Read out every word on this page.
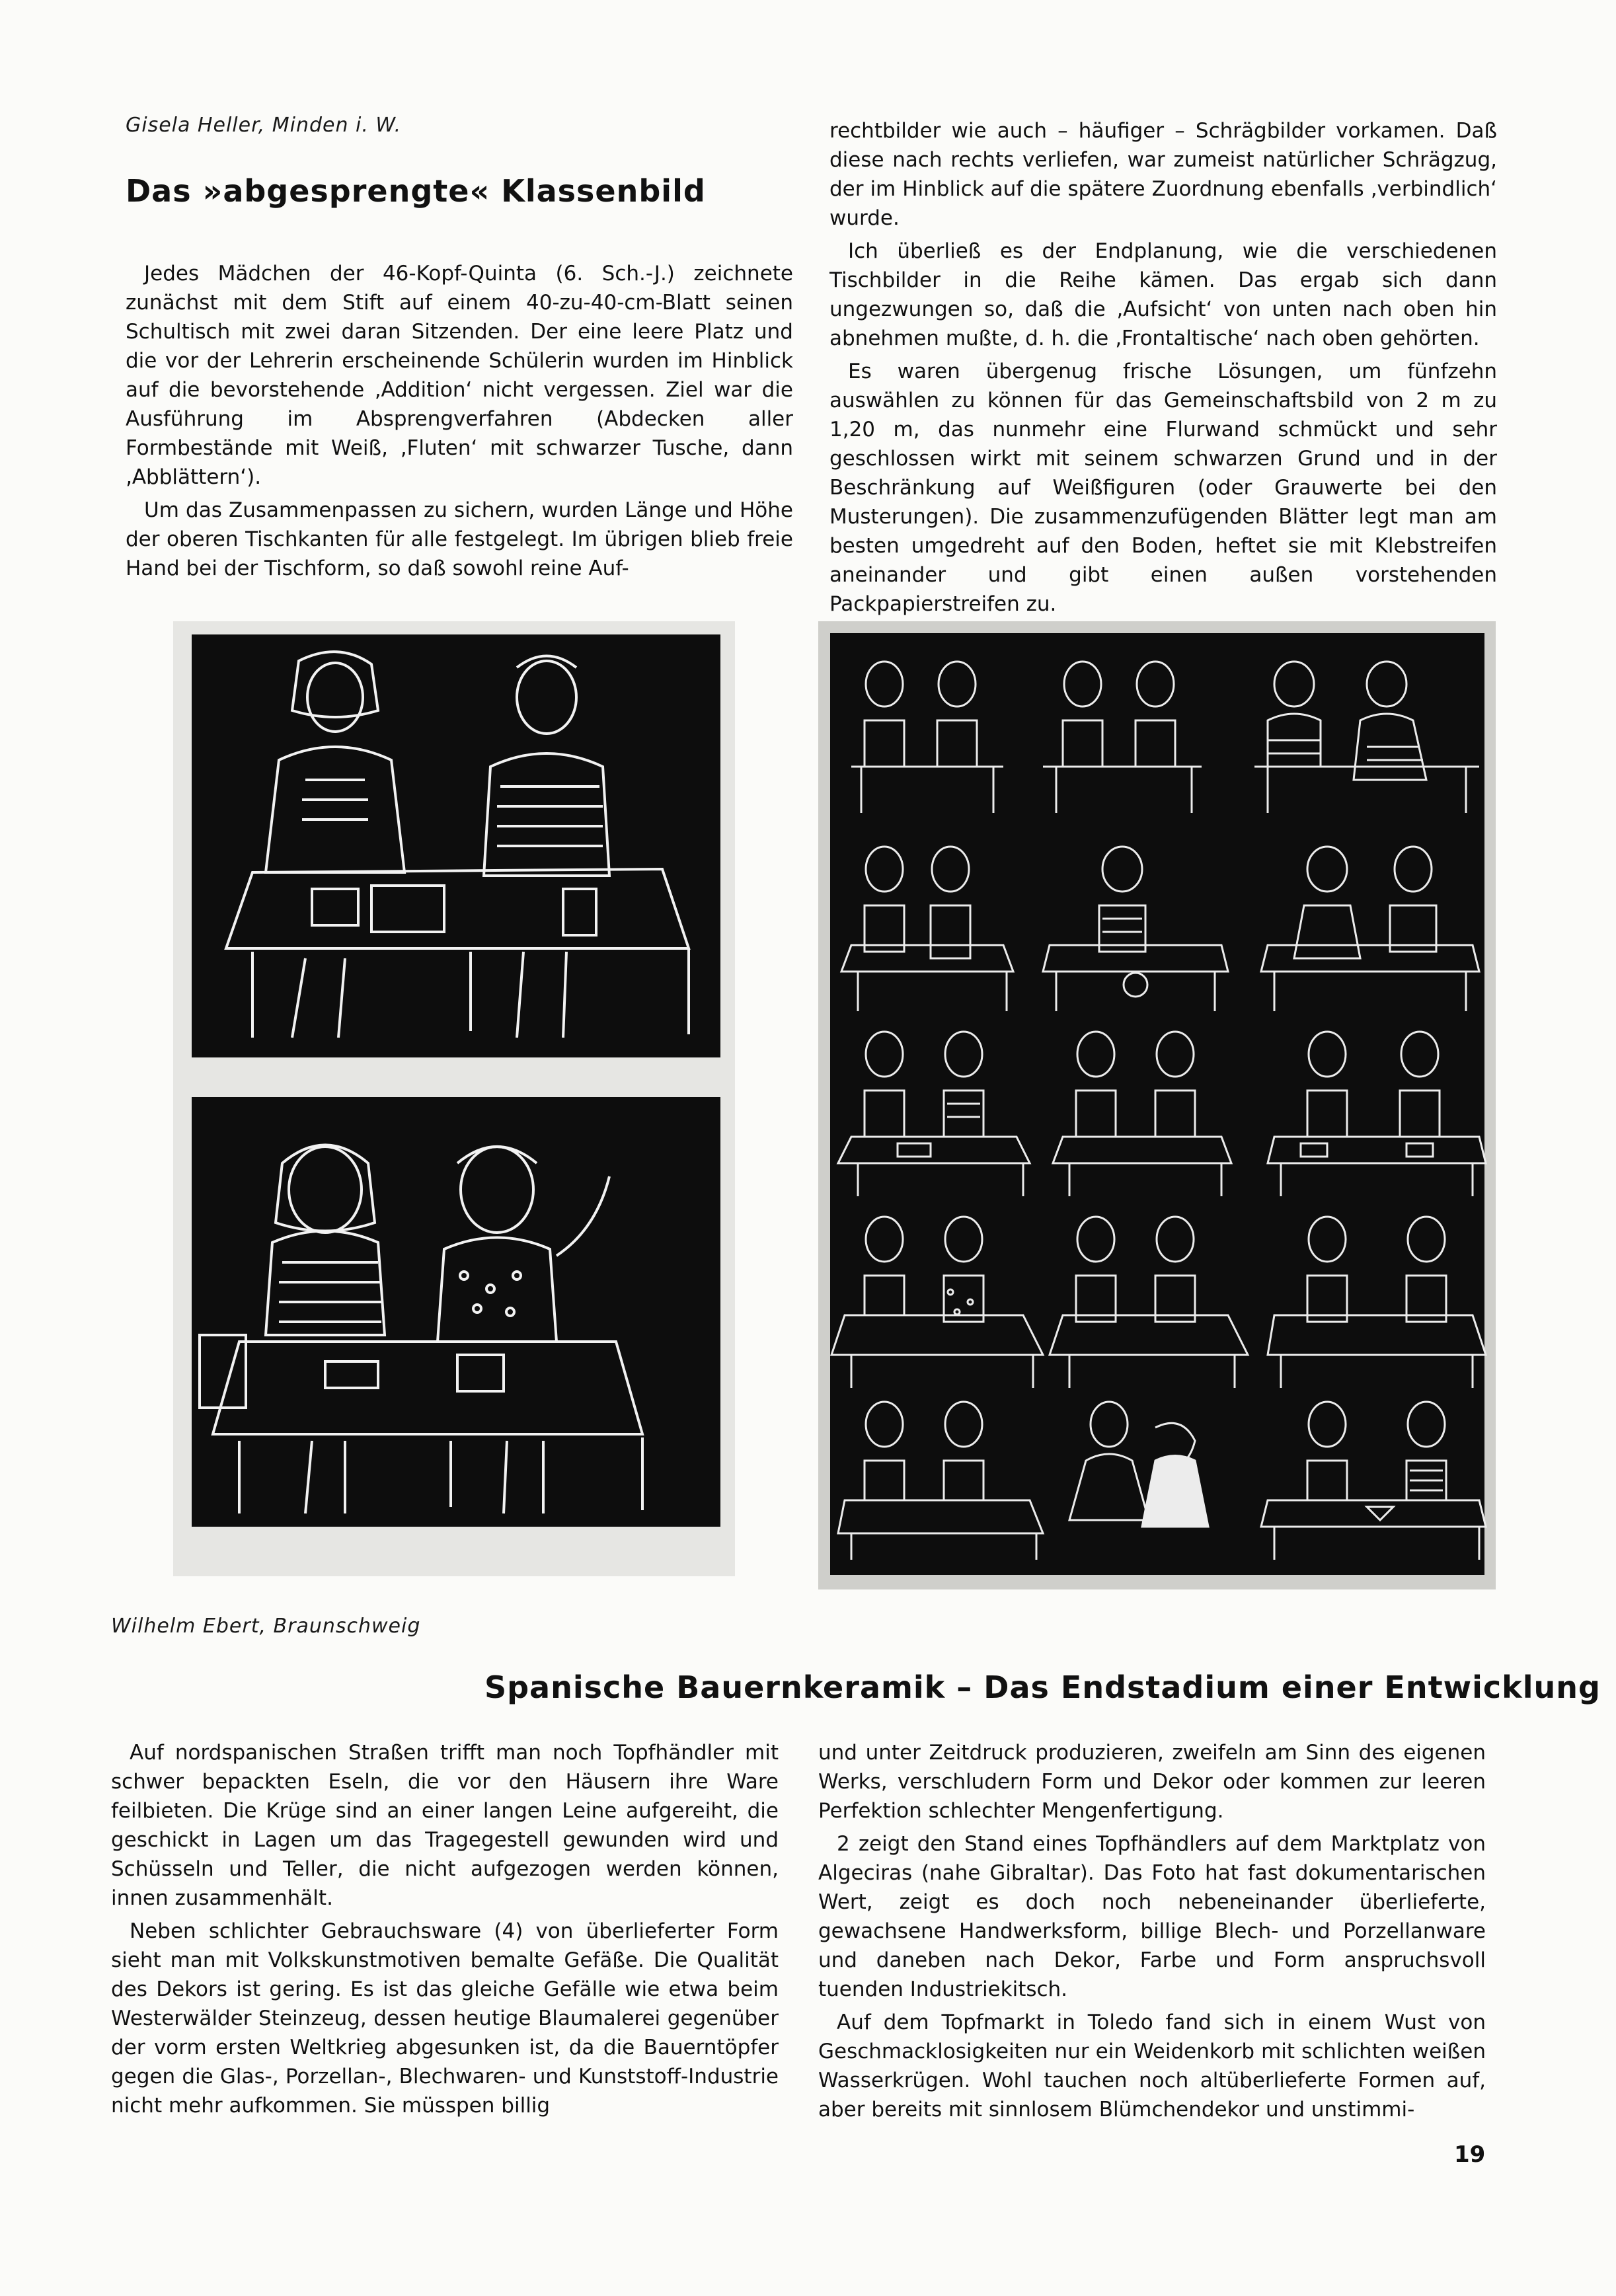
Gisela Heller, Minden i. W.
Das »abgesprengte« Klassenbild

Jedes Mädchen der 46-Kopf-Quinta (6. Sch.-J.) zeichnete zunächst mit dem Stift auf einem 40-zu-40-cm-Blatt seinen Schultisch mit zwei daran Sitzenden. Der eine leere Platz und die vor der Lehrerin erscheinende Schülerin wurden im Hinblick auf die bevorstehende ‚Addition‘ nicht vergessen. Ziel war die Ausführung im Absprengverfahren (Abdecken aller Formbestände mit Weiß, ‚Fluten‘ mit schwarzer Tusche, dann ‚Abblättern‘).

Um das Zusammenpassen zu sichern, wurden Länge und Höhe der oberen Tischkanten für alle festgelegt. Im übrigen blieb freie Hand bei der Tischform, so daß sowohl reine Auf-

rechtbilder wie auch – häufiger – Schrägbilder vorkamen. Daß diese nach rechts verliefen, war zumeist natürlicher Schrägzug, der im Hinblick auf die spätere Zuordnung ebenfalls ‚verbindlich‘ wurde.

Ich überließ es der Endplanung, wie die verschiedenen Tischbilder in die Reihe kämen. Das ergab sich dann ungezwungen so, daß die ‚Aufsicht‘ von unten nach oben hin abnehmen mußte, d. h. die ‚Frontaltische‘ nach oben gehörten.

Es waren übergenug frische Lösungen, um fünfzehn auswählen zu können für das Gemeinschaftsbild von 2 m zu 1,20 m, das nunmehr eine Flurwand schmückt und sehr geschlossen wirkt mit seinem schwarzen Grund und in der Beschränkung auf Weißfiguren (oder Grauwerte bei den Musterungen). Die zusammenzufügenden Blätter legt man am besten umgedreht auf den Boden, heftet sie mit Klebstreifen aneinander und gibt einen außen vorstehenden Packpapierstreifen zu.

Wilhelm Ebert, Braunschweig
Spanische Bauernkeramik – Das Endstadium einer Entwicklung

Auf nordspanischen Straßen trifft man noch Topfhändler mit schwer bepackten Eseln, die vor den Häusern ihre Ware feilbieten. Die Krüge sind an einer langen Leine aufgereiht, die geschickt in Lagen um das Tragegestell gewunden wird und Schüsseln und Teller, die nicht aufgezogen werden können, innen zusammenhält.

Neben schlichter Gebrauchsware (4) von überlieferter Form sieht man mit Volkskunstmotiven bemalte Gefäße. Die Qualität des Dekors ist gering. Es ist das gleiche Gefälle wie etwa beim Westerwälder Steinzeug, dessen heutige Blaumalerei gegenüber der vorm ersten Weltkrieg abgesunken ist, da die Bauerntöpfer gegen die Glas-, Porzellan-, Blechwaren- und Kunststoff-Industrie nicht mehr aufkommen. Sie müsspen billig

und unter Zeitdruck produzieren, zweifeln am Sinn des eigenen Werks, verschludern Form und Dekor oder kommen zur leeren Perfektion schlechter Mengenfertigung.

2 zeigt den Stand eines Topfhändlers auf dem Marktplatz von Algeciras (nahe Gibraltar). Das Foto hat fast dokumentarischen Wert, zeigt es doch noch nebeneinander überlieferte, gewachsene Handwerksform, billige Blech- und Porzellanware und daneben nach Dekor, Farbe und Form anspruchsvoll tuenden Industriekitsch.

Auf dem Topfmarkt in Toledo fand sich in einem Wust von Geschmacklosigkeiten nur ein Weidenkorb mit schlichten weißen Wasserkrügen. Wohl tauchen noch altüberlieferte Formen auf, aber bereits mit sinnlosem Blümchendekor und unstimmi-

19
